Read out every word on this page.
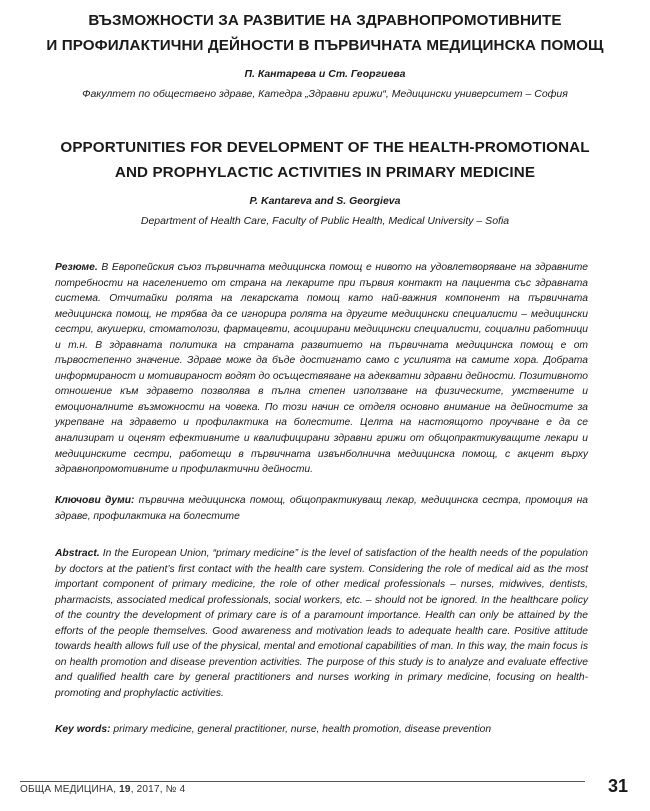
ВЪЗМОЖНОСТИ ЗА РАЗВИТИЕ НА ЗДРАВНОПРОМОТИВНИТЕ
И ПРОФИЛАКТИЧНИ ДЕЙНОСТИ В ПЪРВИЧНАТА МЕДИЦИНСКА ПОМОЩ

П. Кантарева и Ст. Георгиева

Факултет по обществено здраве, Катедра „Здравни грижи“, Медицински университет – София

OPPORTUNITIES FOR DEVELOPMENT OF THE HEALTH-PROMOTIONAL
AND PROPHYLACTIC ACTIVITIES IN PRIMARY MEDICINE

P. Kantareva and S. Georgieva

Department of Health Care, Faculty of Public Health, Medical University – Sofia

Резюме. В Европейския съюз първичната медицинска помощ е нивото на удовлетворяване на здравните потребности на населението от страна на лекарите при първия контакт на пациента със здравната система. Отчитайки ролята на лекарската помощ като най-важния компонент на първичната медицинска помощ, не трябва да се игнорира ролята на другите медицински специалисти – медицински сестри, акушерки, стоматолози, фармацевти, асоциирани медицински специалисти, социални работници и т.н. В здравната политика на страната развитието на първичната медицинска помощ е от първостепенно значение. Здраве може да бъде достигнато само с усилията на самите хора. Добрата информираност и мотивираност водят до осъществяване на адекватни здравни дейности. Позитивното отношение към здравето позволява в пълна степен използване на физическите, умствените и емоционалните възможности на човека. По този начин се отделя основно внимание на дейностите за укрепване на здравето и профилактика на болестите. Целта на настоящото проучване е да се анализират и оценят ефективните и квалифицирани здравни грижи от общопрактикуващите лекари и медицинските сестри, работещи в първичната извънболнична медицинска помощ, с акцент върху здравнопромотивните и профилактични дейности.

Ключови думи: първична медицинска помощ, общопрактикуващ лекар, медицинска сестра, промоция на здраве, профилактика на болестите

Abstract. In the European Union, “primary medicine” is the level of satisfaction of the health needs of the population by doctors at the patient’s first contact with the health care system. Considering the role of medical aid as the most important component of primary medicine, the role of other medical professionals – nurses, midwives, dentists, pharmacists, associated medical professionals, social workers, etc. – should not be ignored. In the healthcare policy of the country the development of primary care is of a paramount importance. Health can only be attained by the efforts of the people themselves. Good awareness and motivation leads to adequate health care. Positive attitude towards health allows full use of the physical, mental and emotional capabilities of man. In this way, the main focus is on health promotion and disease prevention activities. The purpose of this study is to analyze and evaluate effective and qualified health care by general practitioners and nurses working in primary medicine, focusing on health-promoting and prophylactic activities.

Key words: primary medicine, general practitioner, nurse, health promotion, disease prevention

ОБЩА МЕДИЦИНА, 19, 2017, № 4	31
